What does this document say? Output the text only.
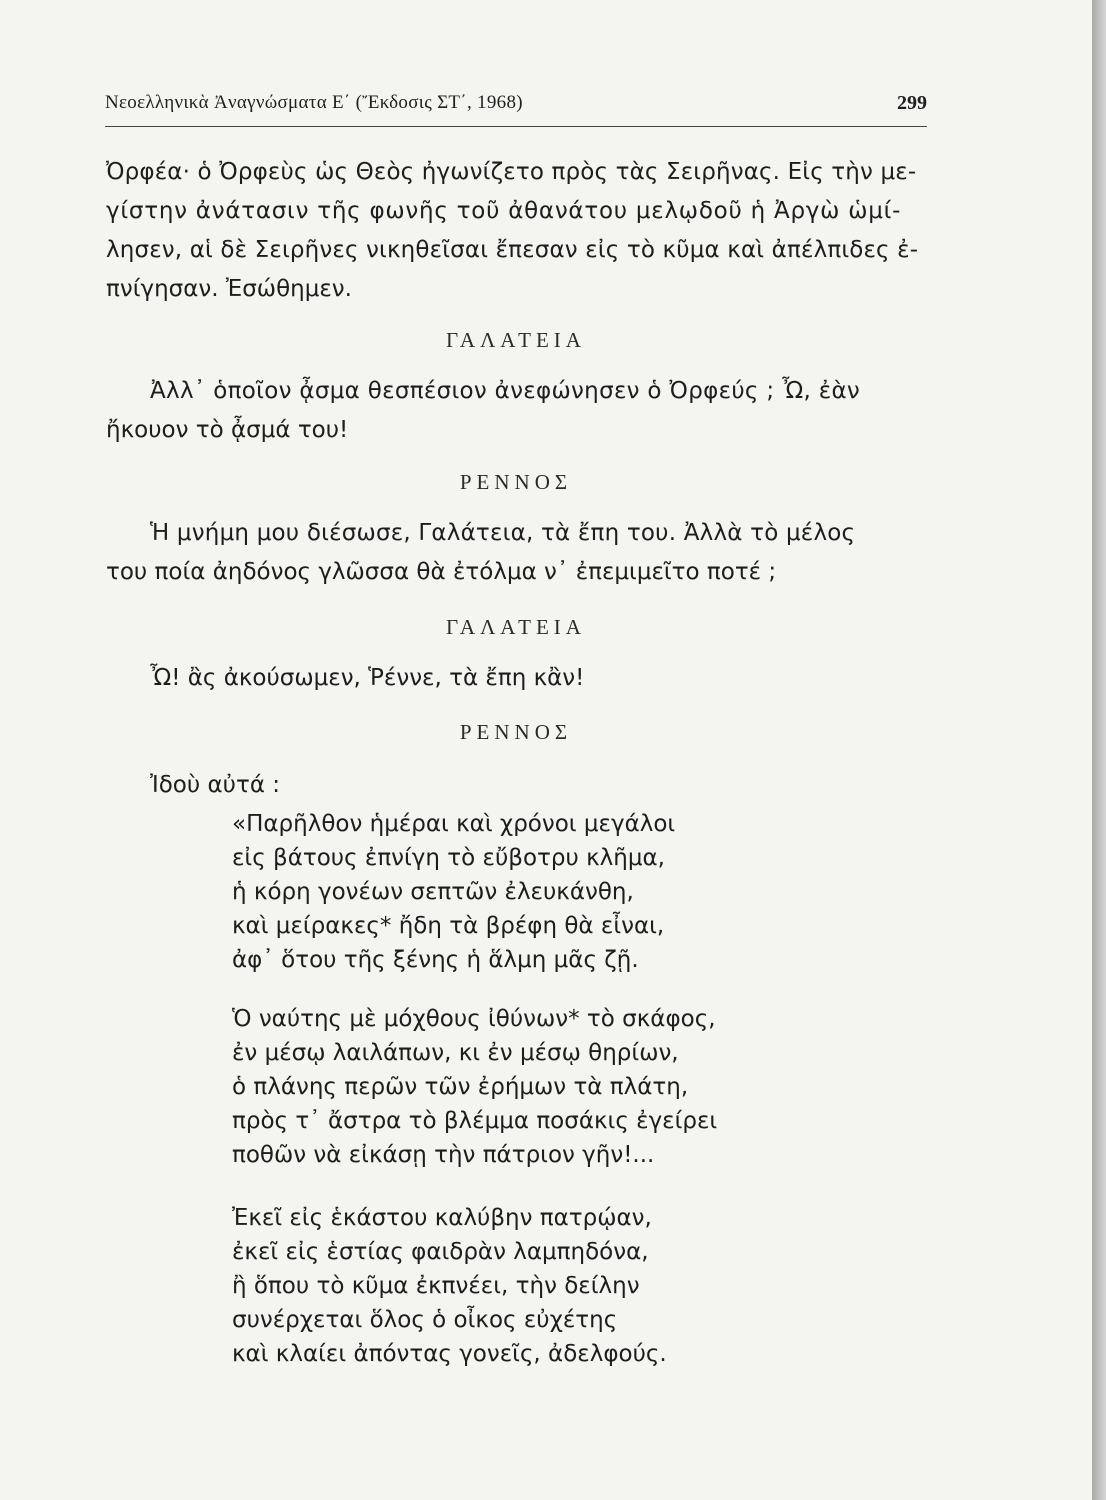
Νεοελληνικὰ Ἀναγνώσματα Ε΄ (Ἔκδοσις ΣΤ΄, 1968)	299
Ὀρφέα· ὁ Ὀρφεὺς ὡς Θεὸς ἠγωνίζετο πρὸς τὰς Σειρῆνας. Εἰς τὴν με-
γίστην ἀνάτασιν τῆς φωνῆς τοῦ ἀθανάτου μελῳδοῦ ἡ Ἀργὼ ὡμί-
λησεν, αἱ δὲ Σειρῆνες νικηθεῖσαι ἔπεσαν εἰς τὸ κῦμα καὶ ἀπέλπιδες ἐ-
πνίγησαν. Ἐσώθημεν.
ΓΑΛΑΤΕΙΑ
Ἀλλ᾿ ὁποῖον ᾆσμα θεσπέσιον ἀνεφώνησεν ὁ Ὀρφεύς ; Ὦ, ἐὰν
ἤκουον τὸ ᾆσμά του!
ΡΕΝΝΟΣ
Ἡ μνήμη μου διέσωσε, Γαλάτεια, τὰ ἔπη του. Ἀλλὰ τὸ μέλος
του ποία ἀηδόνος γλῶσσα θὰ ἐτόλμα ν᾿ ἐπεμιμεῖτο ποτέ ;
ΓΑΛΑΤΕΙΑ
Ὦ! ἂς ἀκούσωμεν, Ῥέννε, τὰ ἔπη κἂν!
ΡΕΝΝΟΣ
Ἰδοὺ αὐτά :
«Παρῆλθον ἡμέραι καὶ χρόνοι μεγάλοι
εἰς βάτους ἐπνίγη τὸ εὔβοτρυ κλῆμα,
ἡ κόρη γονέων σεπτῶν ἐλευκάνθη,
καὶ μείρακες* ἤδη τὰ βρέφη θὰ εἶναι,
ἀφ᾿ ὅτου τῆς ξένης ἡ ἅλμη μᾶς ζῇ.
Ὁ ναύτης μὲ μόχθους ἰθύνων* τὸ σκάφος,
ἐν μέσῳ λαιλάπων, κι ἐν μέσῳ θηρίων,
ὁ πλάνης περῶν τῶν ἐρήμων τὰ πλάτη,
πρὸς τ᾿ ἄστρα τὸ βλέμμα ποσάκις ἐγείρει
ποθῶν νὰ εἰκάσῃ τὴν πάτριον γῆν!...
Ἐκεῖ εἰς ἑκάστου καλύβην πατρῴαν,
ἐκεῖ εἰς ἑστίας φαιδρὰν λαμπηδόνα,
ἢ ὅπου τὸ κῦμα ἐκπνέει, τὴν δείλην
συνέρχεται ὅλος ὁ οἶκος εὐχέτης
καὶ κλαίει ἀπόντας γονεῖς, ἀδελφούς.
